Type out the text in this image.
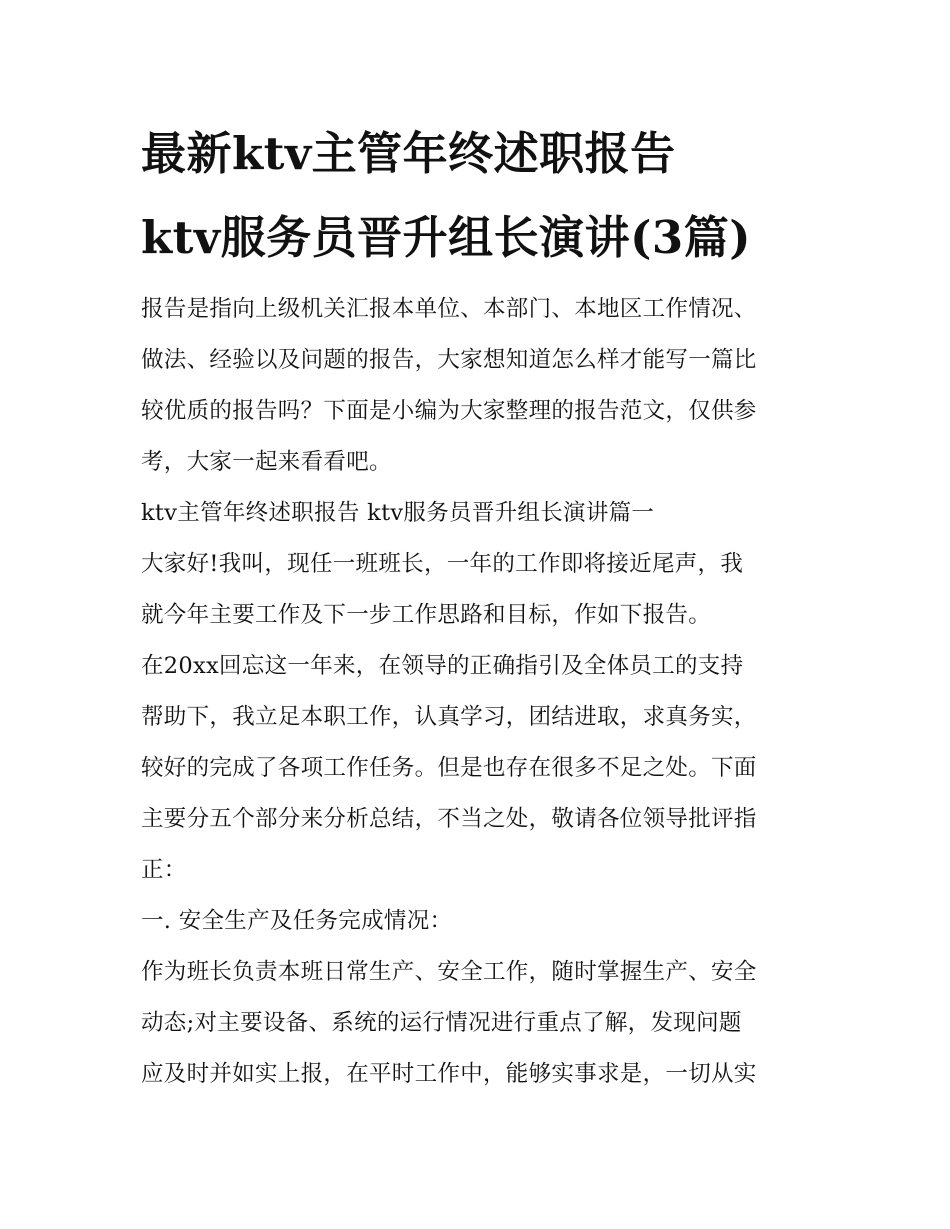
最新ktv主管年终述职报告
ktv服务员晋升组长演讲(3篇)
报告是指向上级机关汇报本单位、本部门、本地区工作情况、
做法、经验以及问题的报告，大家想知道怎么样才能写一篇比
较优质的报告吗？下面是小编为大家整理的报告范文，仅供参
考，大家一起来看看吧。
ktv主管年终述职报告 ktv服务员晋升组长演讲篇一
大家好!我叫，现任一班班长，一年的工作即将接近尾声，我
就今年主要工作及下一步工作思路和目标，作如下报告。
在20xx回忘这一年来，在领导的正确指引及全体员工的支持
帮助下，我立足本职工作，认真学习，团结进取，求真务实，
较好的完成了各项工作任务。但是也存在很多不足之处。下面
主要分五个部分来分析总结，不当之处，敬请各位领导批评指
正：
一. 安全生产及任务完成情况：
作为班长负责本班日常生产、安全工作，随时掌握生产、安全
动态;对主要设备、系统的运行情况进行重点了解，发现问题
应及时并如实上报，在平时工作中，能够实事求是，一切从实
